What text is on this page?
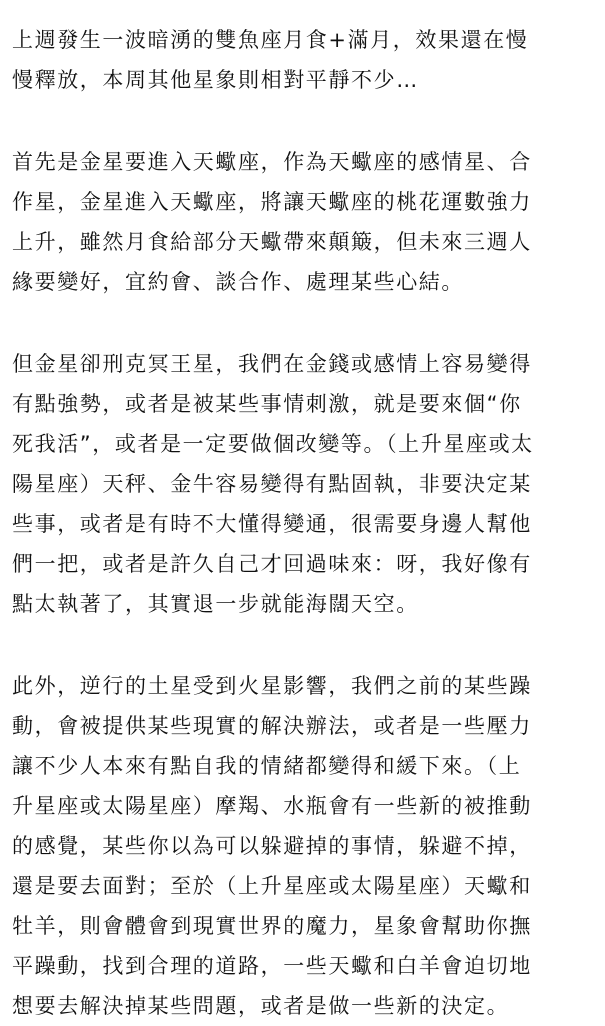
上週發生一波暗湧的雙魚座月食+滿月，效果還在慢
慢釋放，本周其他星象則相對平靜不少…
首先是金星要進入天蠍座，作為天蠍座的感情星、合
作星，金星進入天蠍座，將讓天蠍座的桃花運數強力
上升，雖然月食給部分天蠍帶來顛簸，但未來三週人
緣要變好，宜約會、談合作、處理某些心結。
但金星卻刑克冥王星，我們在金錢或感情上容易變得
有點強勢，或者是被某些事情刺激，就是要來個“你
死我活”，或者是一定要做個改變等。（上升星座或太
陽星座）天秤、金牛容易變得有點固執，非要決定某
些事，或者是有時不大懂得變通，很需要身邊人幫他
們一把，或者是許久自己才回過味來：呀，我好像有
點太執著了，其實退一步就能海闊天空。
此外，逆行的土星受到火星影響，我們之前的某些躁
動，會被提供某些現實的解決辦法，或者是一些壓力
讓不少人本來有點自我的情緒都變得和緩下來。（上
升星座或太陽星座）摩羯、水瓶會有一些新的被推動
的感覺，某些你以為可以躲避掉的事情，躲避不掉，
還是要去面對；至於（上升星座或太陽星座）天蠍和
牡羊，則會體會到現實世界的魔力，星象會幫助你撫
平躁動，找到合理的道路，一些天蠍和白羊會迫切地
想要去解決掉某些問題，或者是做一些新的決定。
